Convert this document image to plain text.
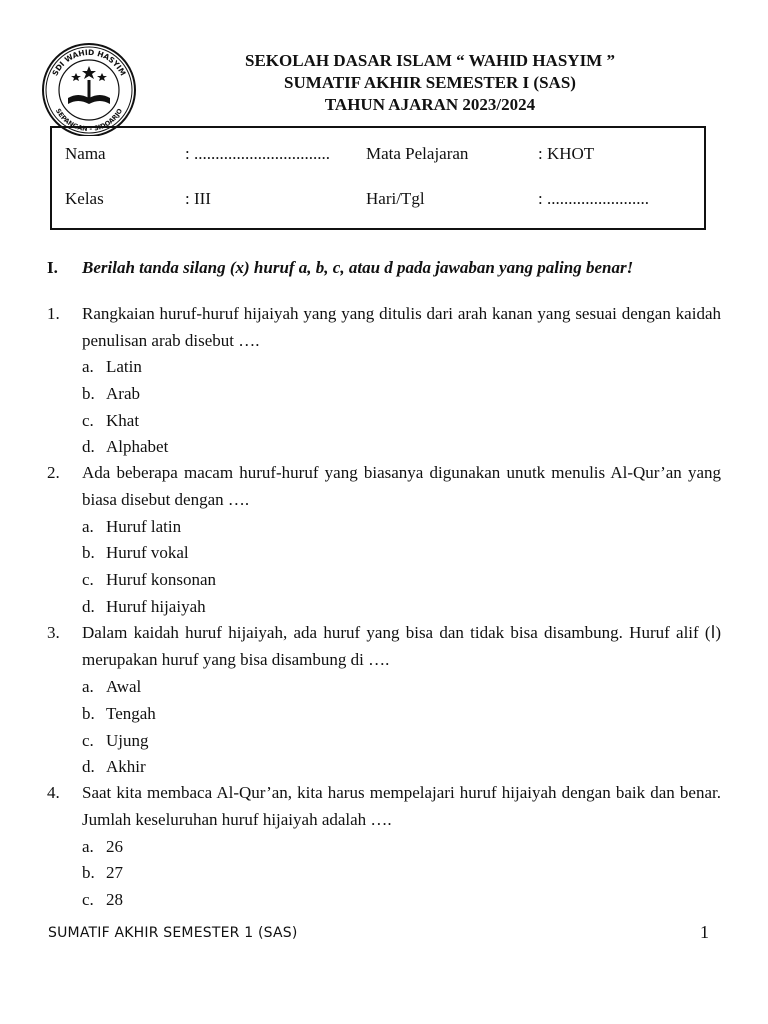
SDI WAHID HASYIM
SEPANGAN - SIDOARJO
SEKOLAH DASAR ISLAM “ WAHID HASYIM ”
SUMATIF AKHIR SEMESTER I (SAS)
TAHUN AJARAN 2023/2024
Nama	: ................................ Mata Pelajaran	: KHOT
Kelas	: III	Hari/Tgl	: ........................
I. Berilah tanda silang (x) huruf a, b, c, atau d pada jawaban yang paling benar!
1. Rangkaian huruf-huruf hijaiyah yang yang ditulis dari arah kanan yang sesuai dengan kaidah penulisan arab disebut ….
a. Latin
b. Arab
c. Khat
d. Alphabet
2. Ada beberapa macam huruf-huruf yang biasanya digunakan unutk menulis Al-Qur’an yang biasa disebut dengan ….
a. Huruf latin
b. Huruf vokal
c. Huruf konsonan
d. Huruf hijaiyah
3. Dalam kaidah huruf hijaiyah, ada huruf yang bisa dan tidak bisa disambung. Huruf alif (ا) merupakan huruf yang bisa disambung di ….
a. Awal
b. Tengah
c. Ujung
d. Akhir
4. Saat kita membaca Al-Qur’an, kita harus mempelajari huruf hijaiyah dengan baik dan benar. Jumlah keseluruhan huruf hijaiyah adalah ….
a. 26
b. 27
c. 28
SUMATIF AKHIR SEMESTER 1 (SAS)	1
